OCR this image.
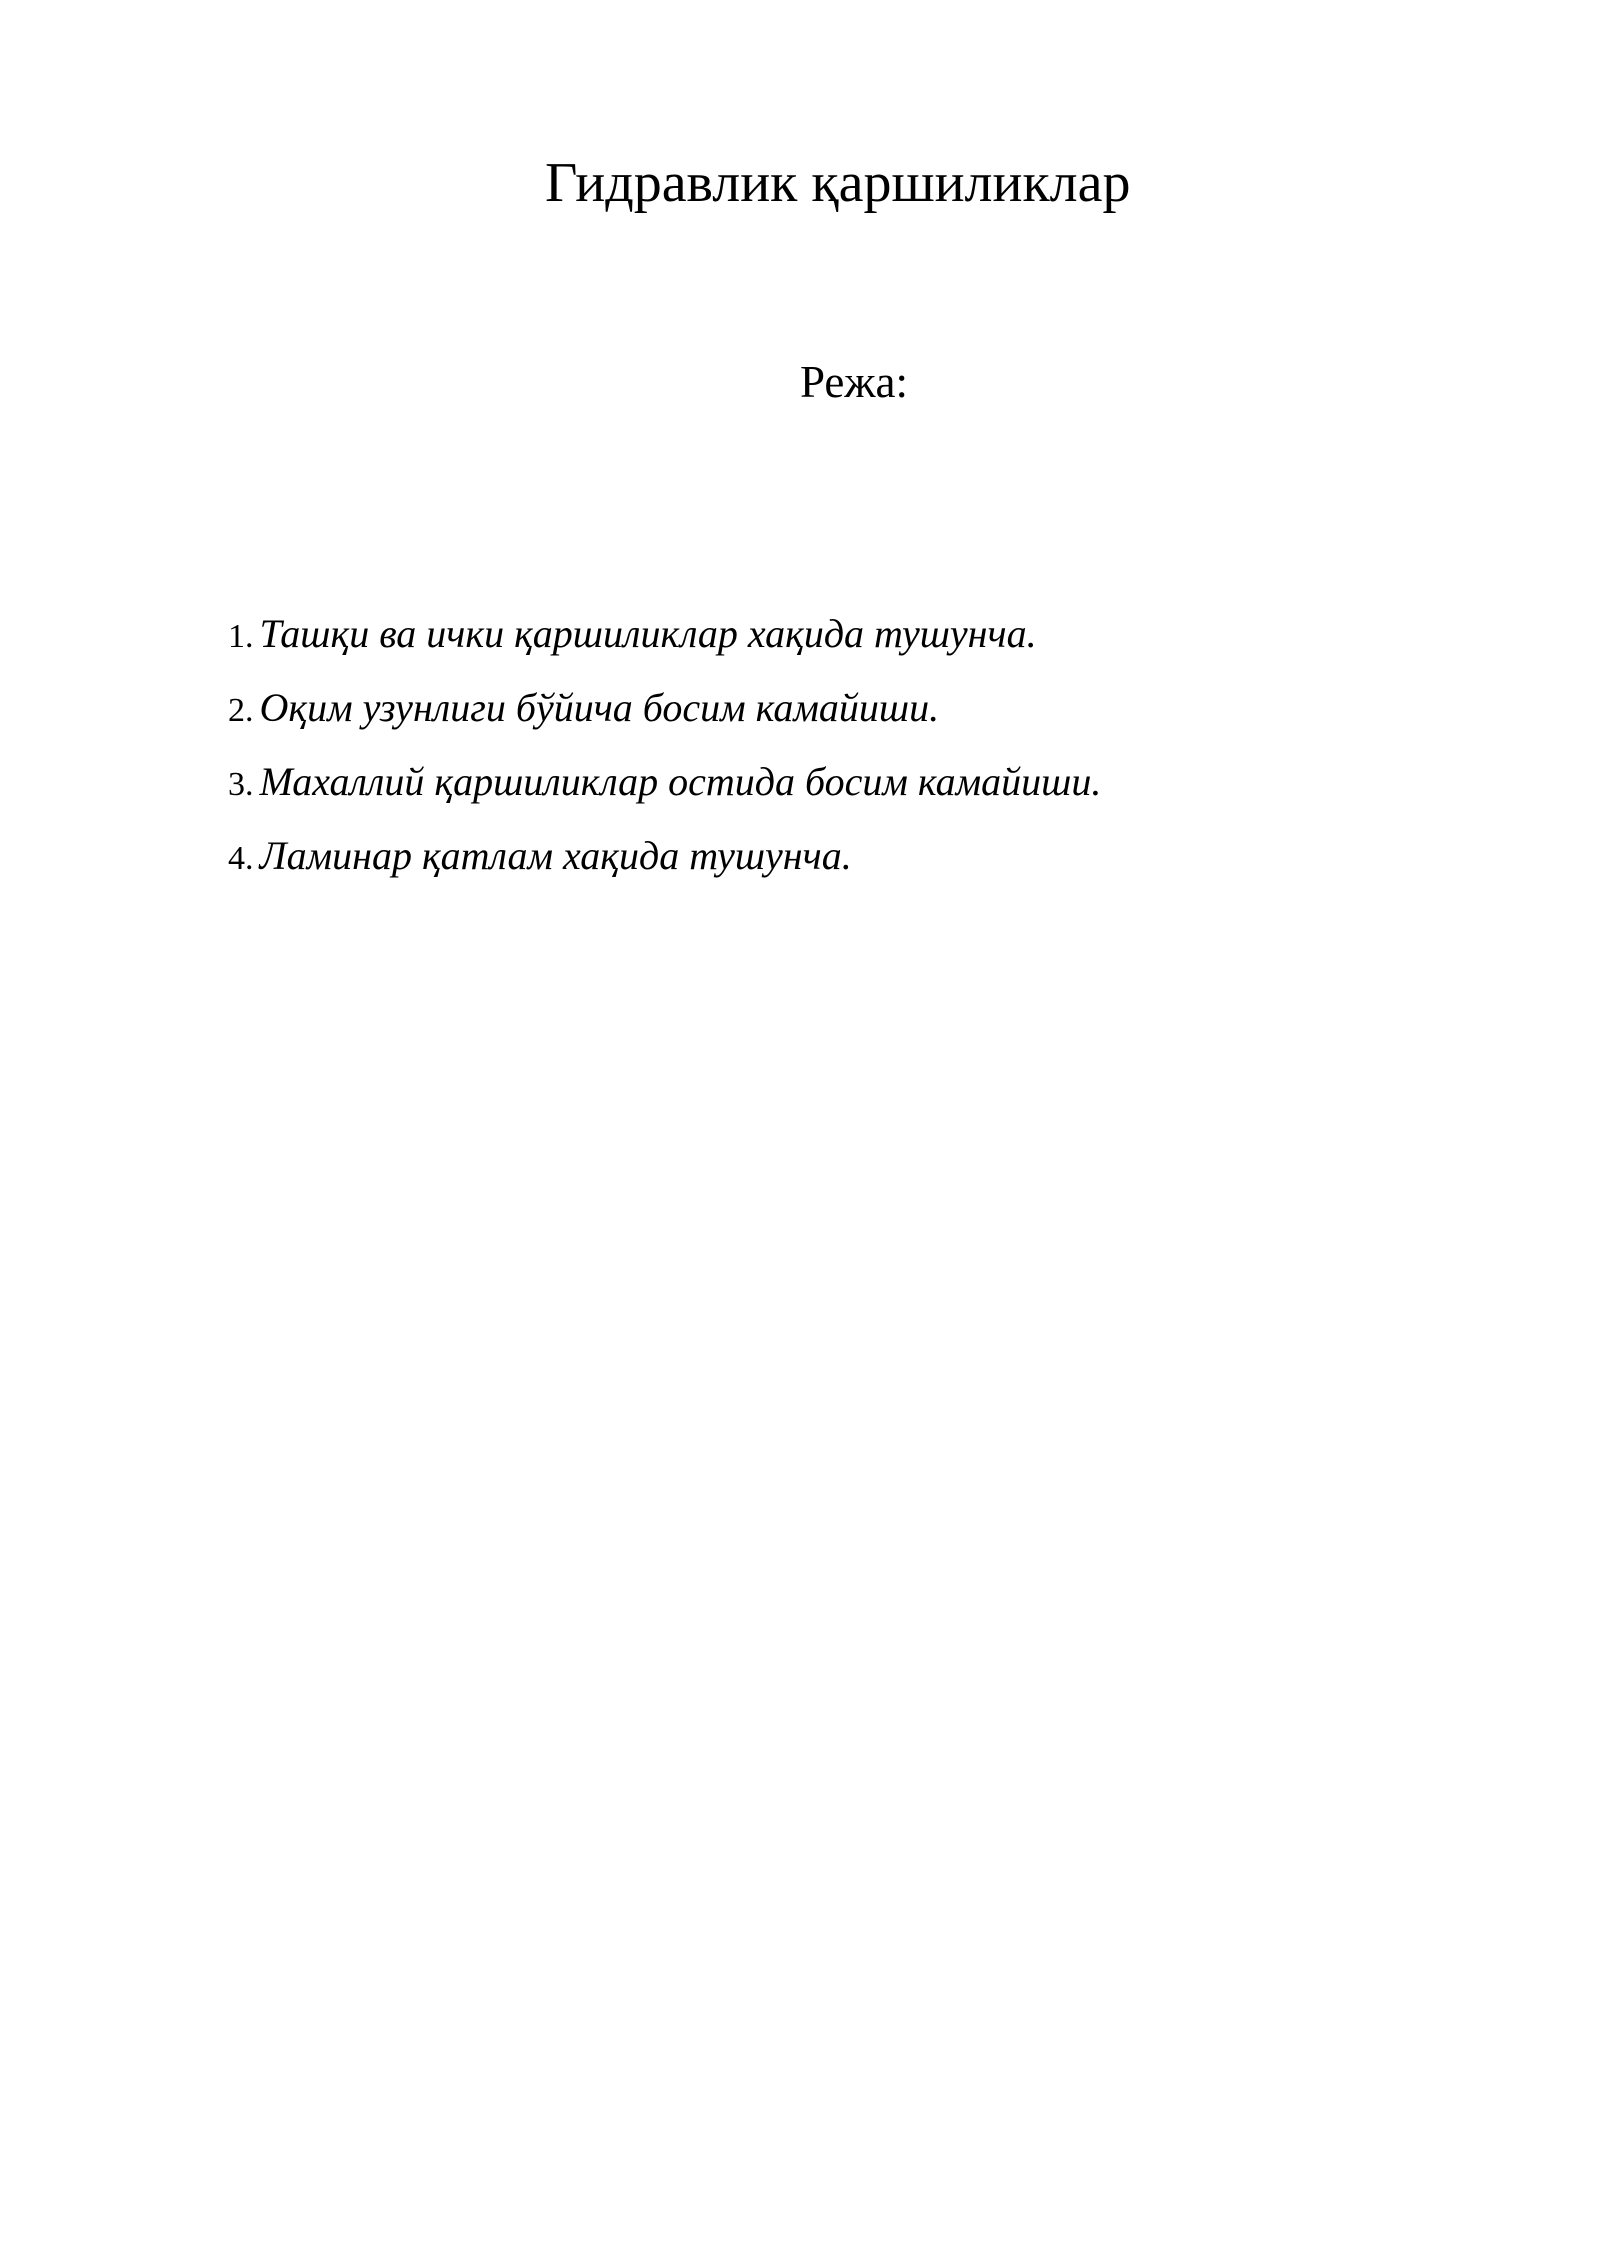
Гидравлик қаршиликлар
Режа:
1. Ташқи ва ички қаршиликлар хақида тушунча.
2. Оқим узунлиги бўйича босим камайиши.
3. Махаллий қаршиликлар остида босим камайиши.
4. Ламинар қатлам хақида тушунча.
